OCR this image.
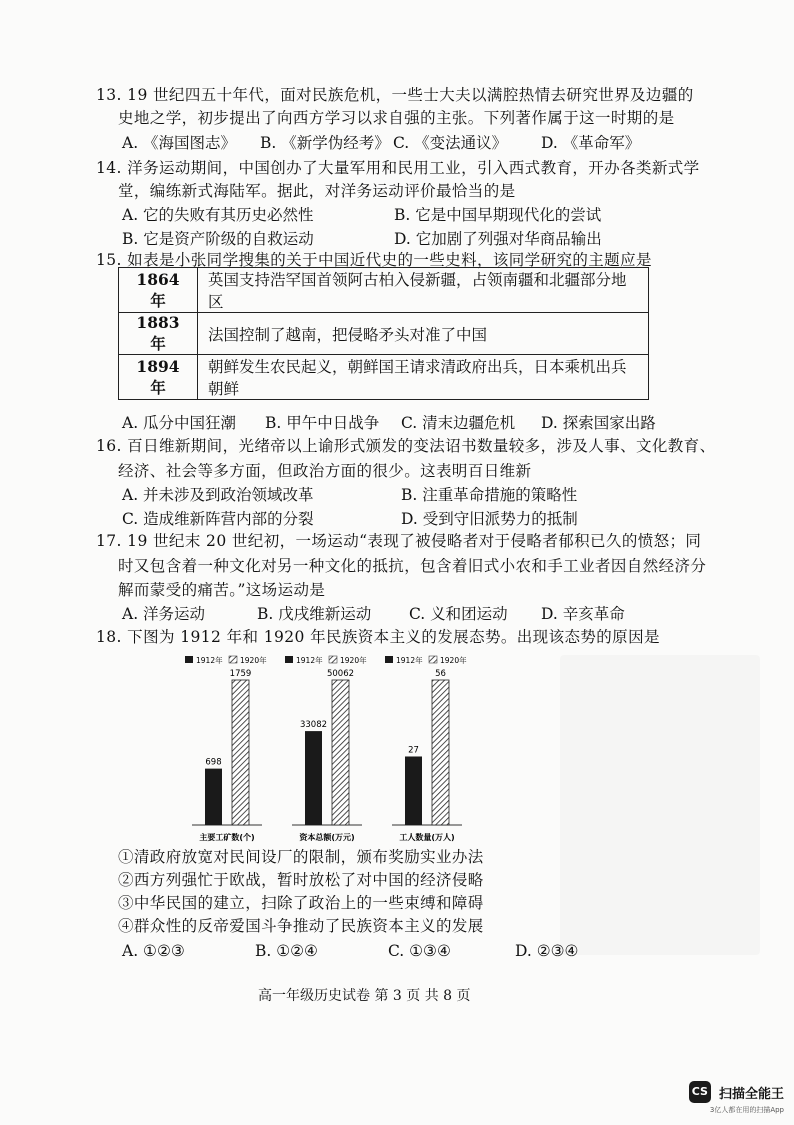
13. 19 世纪四五十年代，面对民族危机，一些士大夫以满腔热情去研究世界及边疆的
史地之学，初步提出了向西方学习以求自强的主张。下列著作属于这一时期的是
A. 《海国图志》 B. 《新学伪经考》 C. 《变法通议》 D. 《革命军》
14. 洋务运动期间，中国创办了大量军用和民用工业，引入西式教育，开办各类新式学
堂，编练新式海陆军。据此，对洋务运动评价最恰当的是
A. 它的失败有其历史必然性	B. 它是中国早期现代化的尝试
B. 它是资产阶级的自救运动	D. 它加剧了列强对华商品输出
15. 如表是小张同学搜集的关于中国近代史的一些史料，该同学研究的主题应是
1864 年	英国支持浩罕国首领阿古柏入侵新疆，占领南疆和北疆部分地区
1883 年	法国控制了越南，把侵略矛头对准了中国
1894 年	朝鲜发生农民起义，朝鲜国王请求清政府出兵，日本乘机出兵朝鲜
A. 瓜分中国狂潮 B. 甲午中日战争 C. 清末边疆危机 D. 探索国家出路
16. 百日维新期间，光绪帝以上谕形式颁发的变法诏书数量较多，涉及人事、文化教育、
经济、社会等多方面，但政治方面的很少。这表明百日维新
A. 并未涉及到政治领域改革	B. 注重革命措施的策略性
C. 造成维新阵营内部的分裂	D. 受到守旧派势力的抵制
17. 19 世纪末 20 世纪初，一场运动“表现了被侵略者对于侵略者郁积已久的愤怒；同
时又包含着一种文化对另一种文化的抵抗，包含着旧式小农和手工业者因自然经济分
解而蒙受的痛苦。”这场运动是
A. 洋务运动	B. 戊戌维新运动 C. 义和团运动 D. 辛亥革命
18. 下图为 1912 年和 1920 年民族资本主义的发展态势。出现该态势的原因是
1912年 1920年
698
1759
主要工矿数(个)
1912年 1920年
33082
50062
资本总额(万元)
1912年 1920年
27
56
工人数量(万人)
①清政府放宽对民间设厂的限制，颁布奖励实业办法
②西方列强忙于欧战，暂时放松了对中国的经济侵略
③中华民国的建立，扫除了政治上的一些束缚和障碍
④群众性的反帝爱国斗争推动了民族资本主义的发展
A. ①②③	B. ①②④	C. ①③④	D. ②③④
高一年级历史试卷 第 3 页 共 8 页
CS 扫描全能王
3亿人都在用的扫描App
